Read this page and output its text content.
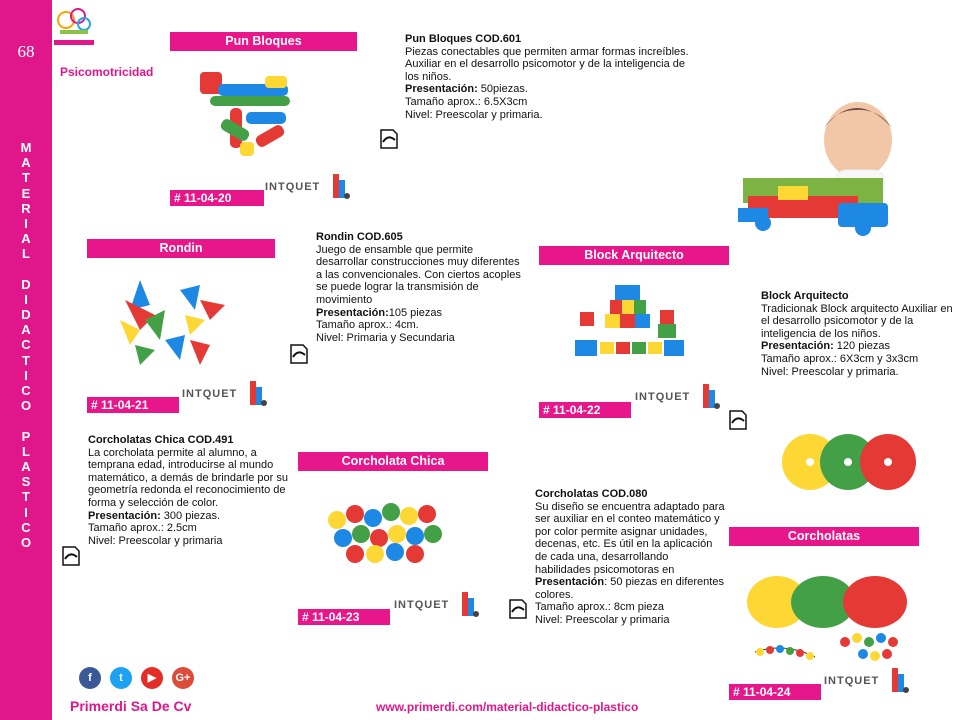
68
M
A
T
E
R
I
A
L
D
I
D
A
C
T
I
C
O
P
L
A
S
T
I
C
O
Psicomotricidad
Pun Bloques
# 11-04-20
INTQUET
Pun Bloques COD.601
Piezas conectables que permiten armar formas increíbles. Auxiliar en el desarrollo psicomotor y de la inteligencia de los niños.
Presentación: 50piezas.
Tamaño aprox.: 6.5X3cm
Nivel: Preescolar y primaria.
Rondin
# 11-04-21
INTQUET
Rondin COD.605
Juego de ensamble que permite desarrollar construcciones muy diferentes a las convencionales. Con ciertos acoples se puede lograr la transmisión de movimiento
Presentación:105 piezas
Tamaño aprox.: 4cm.
Nivel: Primaria y Secundaria
Block Arquitecto
# 11-04-22
INTQUET
Block Arquitecto
Tradicionak Block arquitecto Auxiliar en el desarrollo psicomotor y de la inteligencia de los niños.
Presentación: 120 piezas
Tamaño aprox.: 6X3cm y 3x3cm
Nivel: Preescolar y primaria.
Corcholatas Chica COD.491
La corcholata permite al alumno, a temprana edad, introducirse al mundo matemático, a demás de brindarle por su geometría redonda el reconocimiento de forma y selección de color.
Presentación: 300 piezas.
Tamaño aprox.: 2.5cm
Nivel: Preescolar y primaria
Corcholata Chica
# 11-04-23
INTQUET
Corcholatas COD.080
Su diseño se encuentra adaptado para ser auxiliar en el conteo matemático y por color permite asignar unidades, decenas, etc. Es útil en la aplicación de cada una, desarrollando habilidades psicomotoras en
Presentación: 50 piezas en diferentes colores.
Tamaño aprox.: 8cm pieza
Nivel: Preescolar y primaria
Corcholatas
# 11-04-24
INTQUET
f	t	▶	G+
Primerdi Sa De Cv	www.primerdi.com/material-didactico-plastico
